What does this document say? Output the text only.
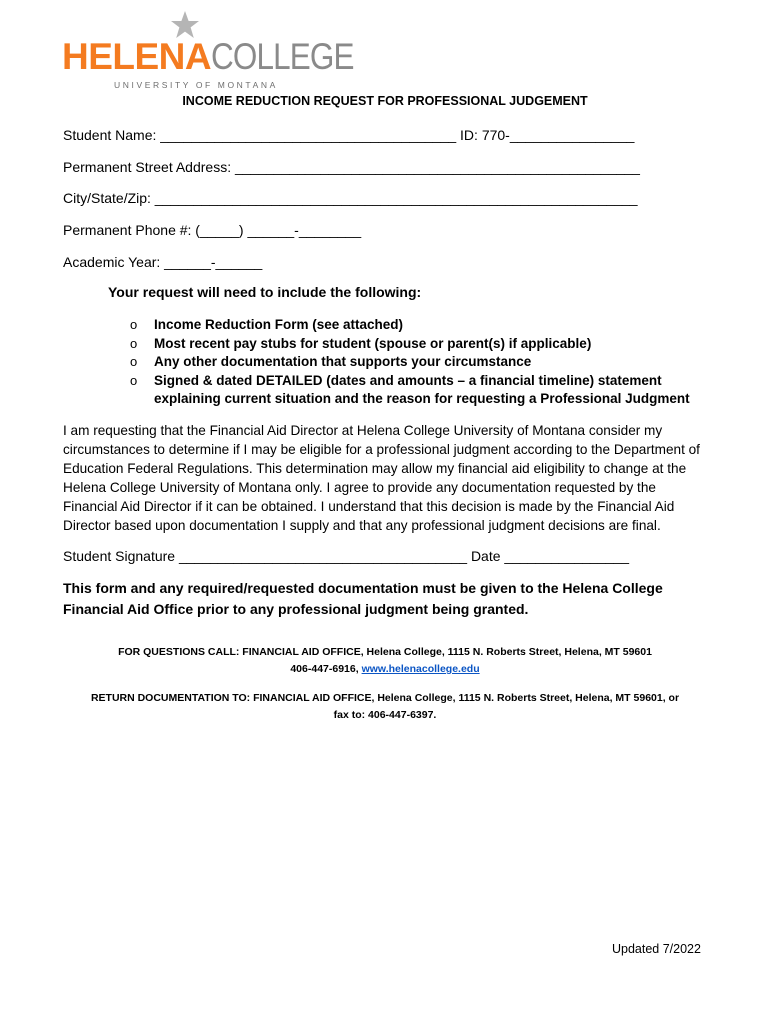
HELENACOLLEGE
UNIVERSITY OF MONTANA
INCOME REDUCTION REQUEST FOR PROFESSIONAL JUDGEMENT
Student Name: ______________________________________ ID: 770-________________
Permanent Street Address: ____________________________________________________
City/State/Zip: ______________________________________________________________
Permanent Phone #: (_____) ______-________
Academic Year: ______-______
Your request will need to include the following:
o Income Reduction Form (see attached)
o Most recent pay stubs for student (spouse or parent(s) if applicable)
o Any other documentation that supports your circumstance
o Signed & dated DETAILED (dates and amounts – a financial timeline) statement explaining current situation and the reason for requesting a Professional Judgment

I am requesting that the Financial Aid Director at Helena College University of Montana consider my circumstances to determine if I may be eligible for a professional judgment according to the Department of Education Federal Regulations. This determination may allow my financial aid eligibility to change at the Helena College University of Montana only. I agree to provide any documentation requested by the Financial Aid Director if it can be obtained. I understand that this decision is made by the Financial Aid Director based upon documentation I supply and that any professional judgment decisions are final.

Student Signature _____________________________________ Date ________________

This form and any required/requested documentation must be given to the Helena College Financial Aid Office prior to any professional judgment being granted.

FOR QUESTIONS CALL: FINANCIAL AID OFFICE, Helena College, 1115 N. Roberts Street, Helena, MT 59601
406-447-6916, www.helenacollege.edu

RETURN DOCUMENTATION TO: FINANCIAL AID OFFICE, Helena College, 1115 N. Roberts Street, Helena, MT 59601, or
fax to: 406-447-6397.

Updated 7/2022
